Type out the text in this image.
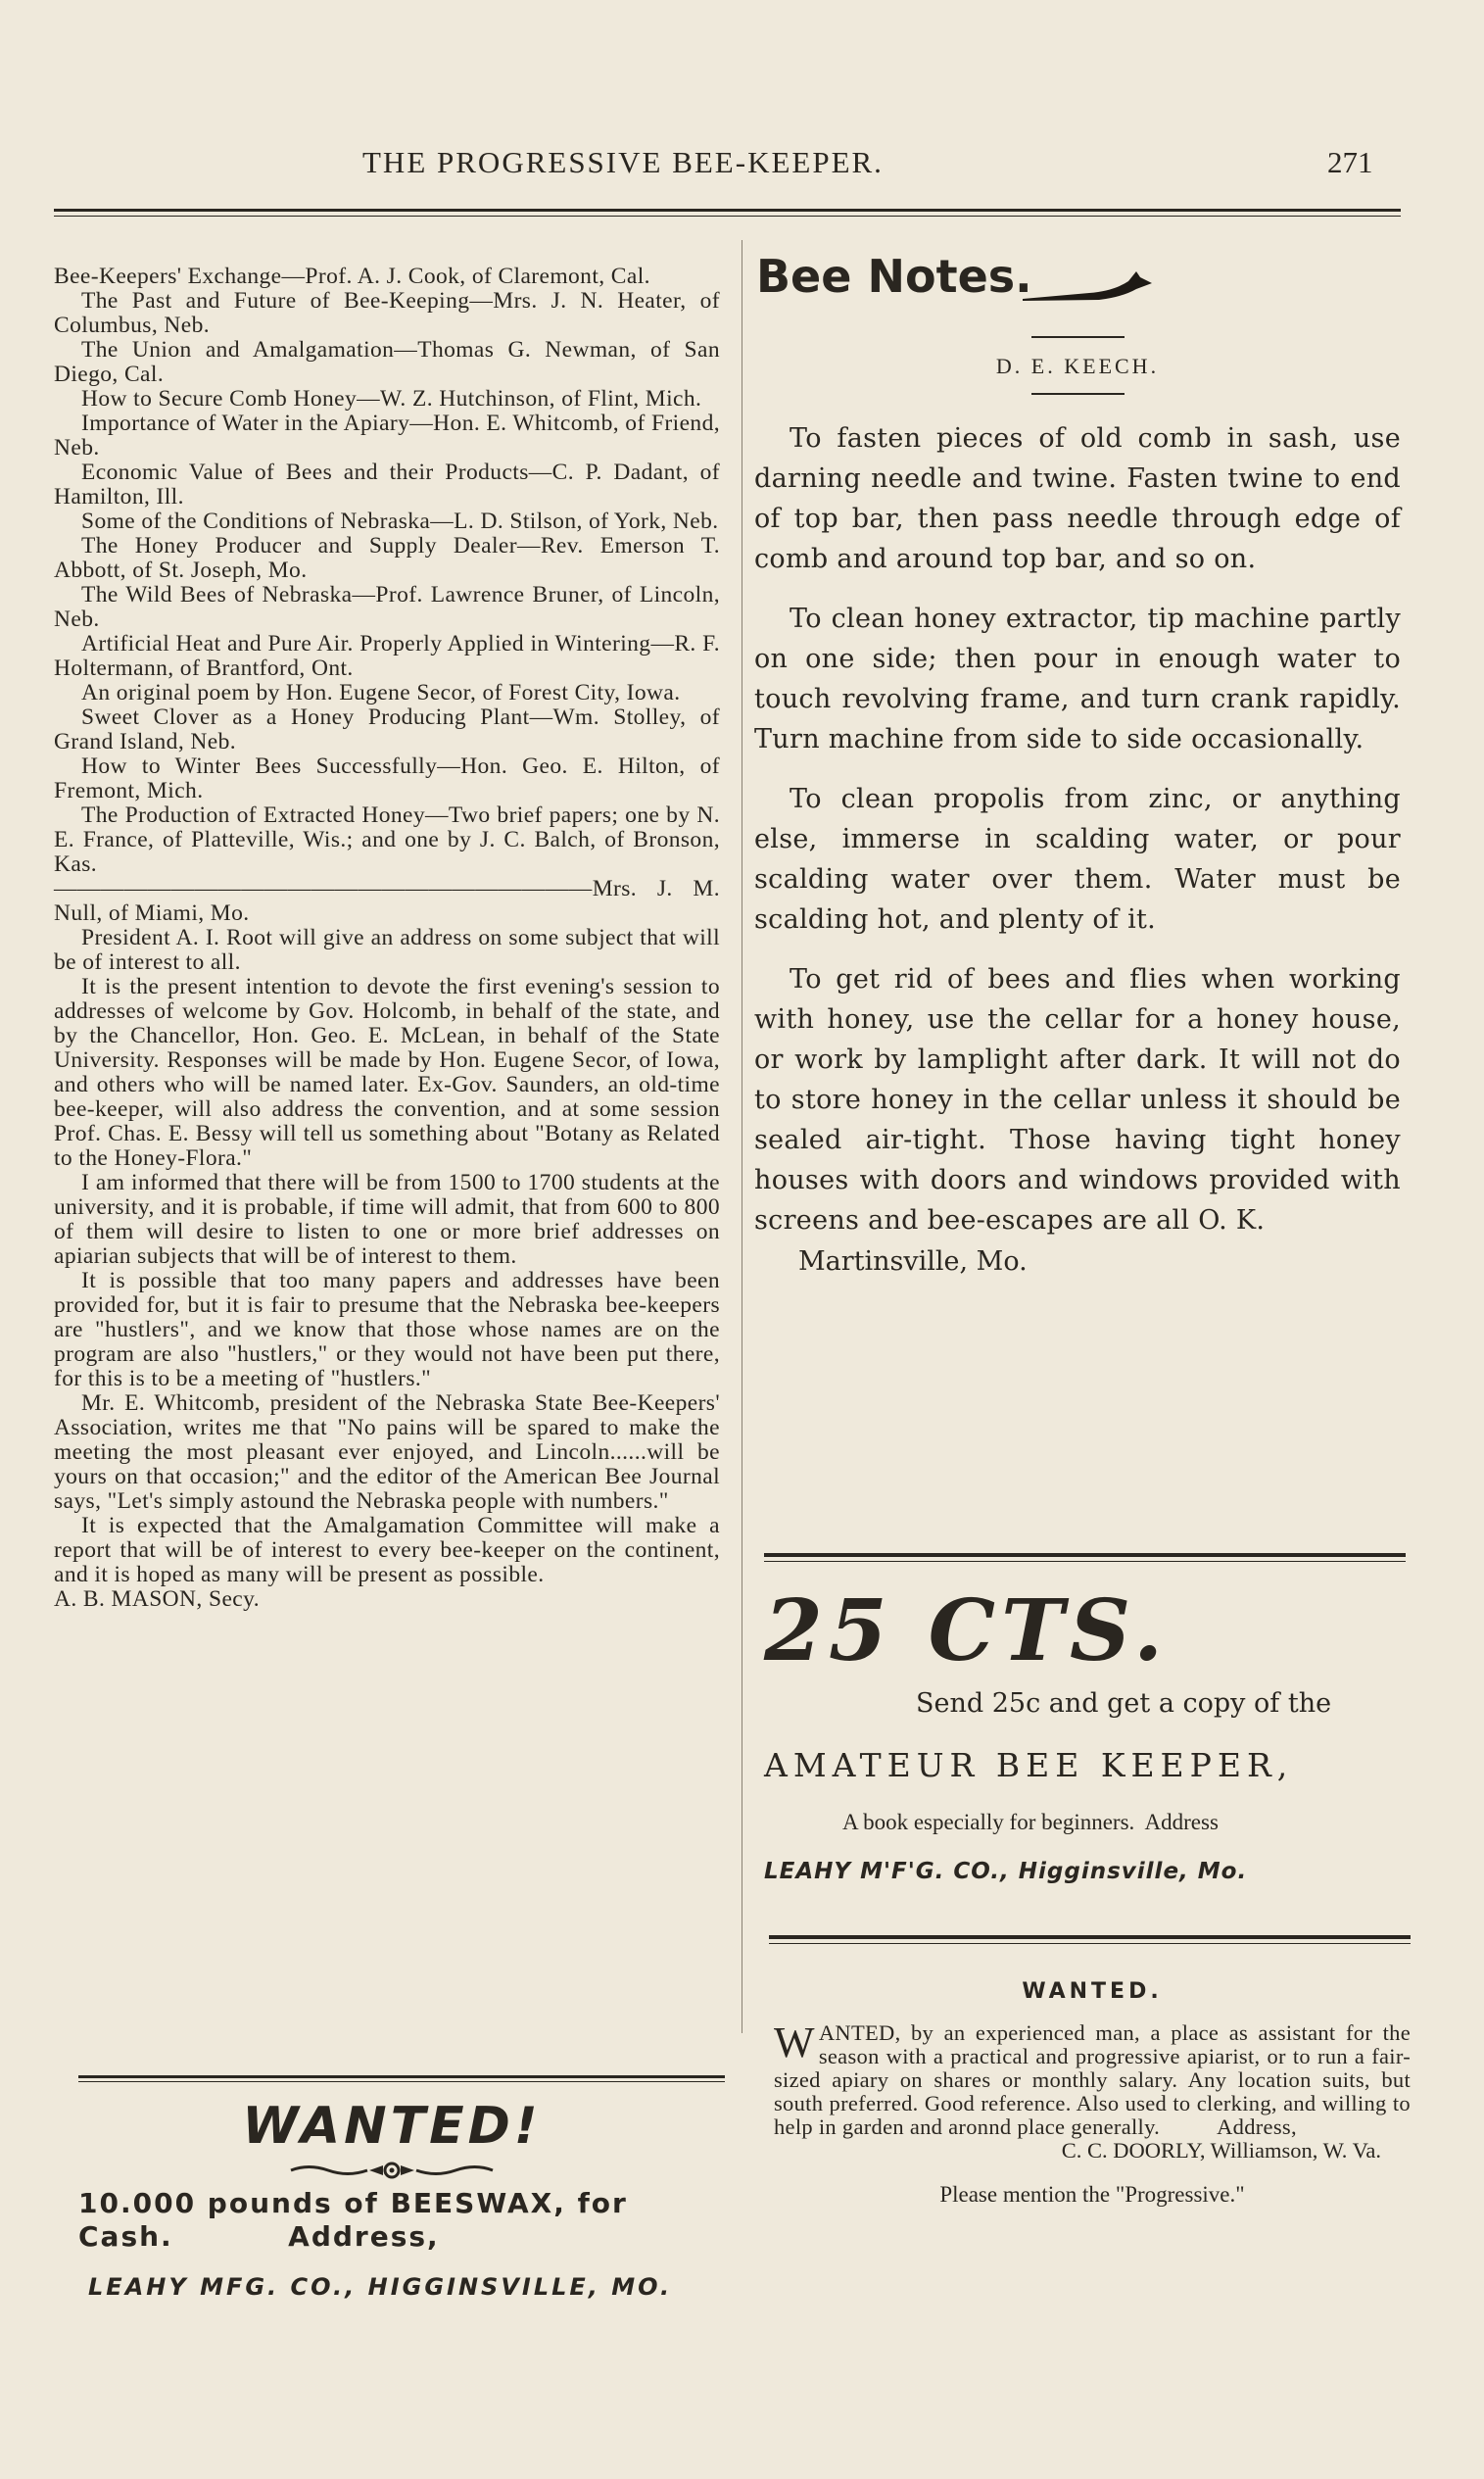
THE PROGRESSIVE BEE-KEEPER.	271

Bee-Keepers' Exchange—Prof. A. J. Cook, of Claremont, Cal.

The Past and Future of Bee-Keeping—Mrs. J. N. Heater, of Columbus, Neb.

The Union and Amalgamation—Thomas G. Newman, of San Diego, Cal.

How to Secure Comb Honey—W. Z. Hutchinson, of Flint, Mich.

Importance of Water in the Apiary—Hon. E. Whitcomb, of Friend, Neb.

Economic Value of Bees and their Products—C. P. Dadant, of Hamilton, Ill.

Some of the Conditions of Nebraska—L. D. Stilson, of York, Neb.

The Honey Producer and Supply Dealer—Rev. Emerson T. Abbott, of St. Joseph, Mo.

The Wild Bees of Nebraska—Prof. Lawrence Bruner, of Lincoln, Neb.

Artificial Heat and Pure Air. Properly Applied in Wintering—R. F. Holtermann, of Brantford, Ont.

An original poem by Hon. Eugene Secor, of Forest City, Iowa.

Sweet Clover as a Honey Producing Plant—Wm. Stolley, of Grand Island, Neb.

How to Winter Bees Successfully—Hon. Geo. E. Hilton, of Fremont, Mich.

The Production of Extracted Honey—Two brief papers; one by N. E. France, of Platteville, Wis.; and one by J. C. Balch, of Bronson, Kas.

———————————————————————Mrs. J. M. Null, of Miami, Mo.

President A. I. Root will give an address on some subject that will be of interest to all.

It is the present intention to devote the first evening's session to addresses of welcome by Gov. Holcomb, in behalf of the state, and by the Chancellor, Hon. Geo. E. McLean, in behalf of the State University. Responses will be made by Hon. Eugene Secor, of Iowa, and others who will be named later. Ex-Gov. Saunders, an old-time bee-keeper, will also address the convention, and at some session Prof. Chas. E. Bessy will tell us something about "Botany as Related to the Honey-Flora."

I am informed that there will be from 1500 to 1700 students at the university, and it is probable, if time will admit, that from 600 to 800 of them will desire to listen to one or more brief addresses on apiarian subjects that will be of interest to them.

It is possible that too many papers and addresses have been provided for, but it is fair to presume that the Nebraska bee-keepers are "hustlers", and we know that those whose names are on the program are also "hustlers," or they would not have been put there, for this is to be a meeting of "hustlers."

Mr. E. Whitcomb, president of the Nebraska State Bee-Keepers' Association, writes me that "No pains will be spared to make the meeting the most pleasant ever enjoyed, and Lincoln......will be yours on that occasion;" and the editor of the American Bee Journal says, "Let's simply astound the Nebraska people with numbers."

It is expected that the Amalgamation Committee will make a report that will be of interest to every bee-keeper on the continent, and it is hoped as many will be present as possible.

A. B. MASON, Secy.

WANTED!

10.000 pounds of BEESWAX, for

Cash.          Address,

LEAHY MFG. CO., HIGGINSVILLE, MO.
Bee Notes.
D. E. KEECH.

To fasten pieces of old comb in sash, use darning needle and twine. Fasten twine to end of top bar, then pass needle through edge of comb and around top bar, and so on.

To clean honey extractor, tip machine partly on one side; then pour in enough water to touch revolving frame, and turn crank rapidly. Turn machine from side to side occasionally.

To clean propolis from zinc, or anything else, immerse in scalding water, or pour scalding water over them. Water must be scalding hot, and plenty of it.

To get rid of bees and flies when working with honey, use the cellar for a honey house, or work by lamplight after dark. It will not do to store honey in the cellar unless it should be sealed air-tight. Those having tight honey houses with doors and windows provided with screens and bee-escapes are all O. K.

Martinsville, Mo.

25 CTS.

Send 25c and get a copy of the
AMATEUR BEE KEEPER,
A book especially for beginners.  Address
LEAHY M'F'G. CO., Higginsville, Mo.

WANTED.

WANTED, by an experienced man, a place as assistant for the season with a practical and progressive apiarist, or to run a fair-sized apiary on shares or monthly salary. Any location suits, but south preferred. Good reference. Also used to clerking, and willing to help in garden and aronnd place generally.          Address,

C. C. DOORLY, Williamson, W. Va.
Please mention the "Progressive."
